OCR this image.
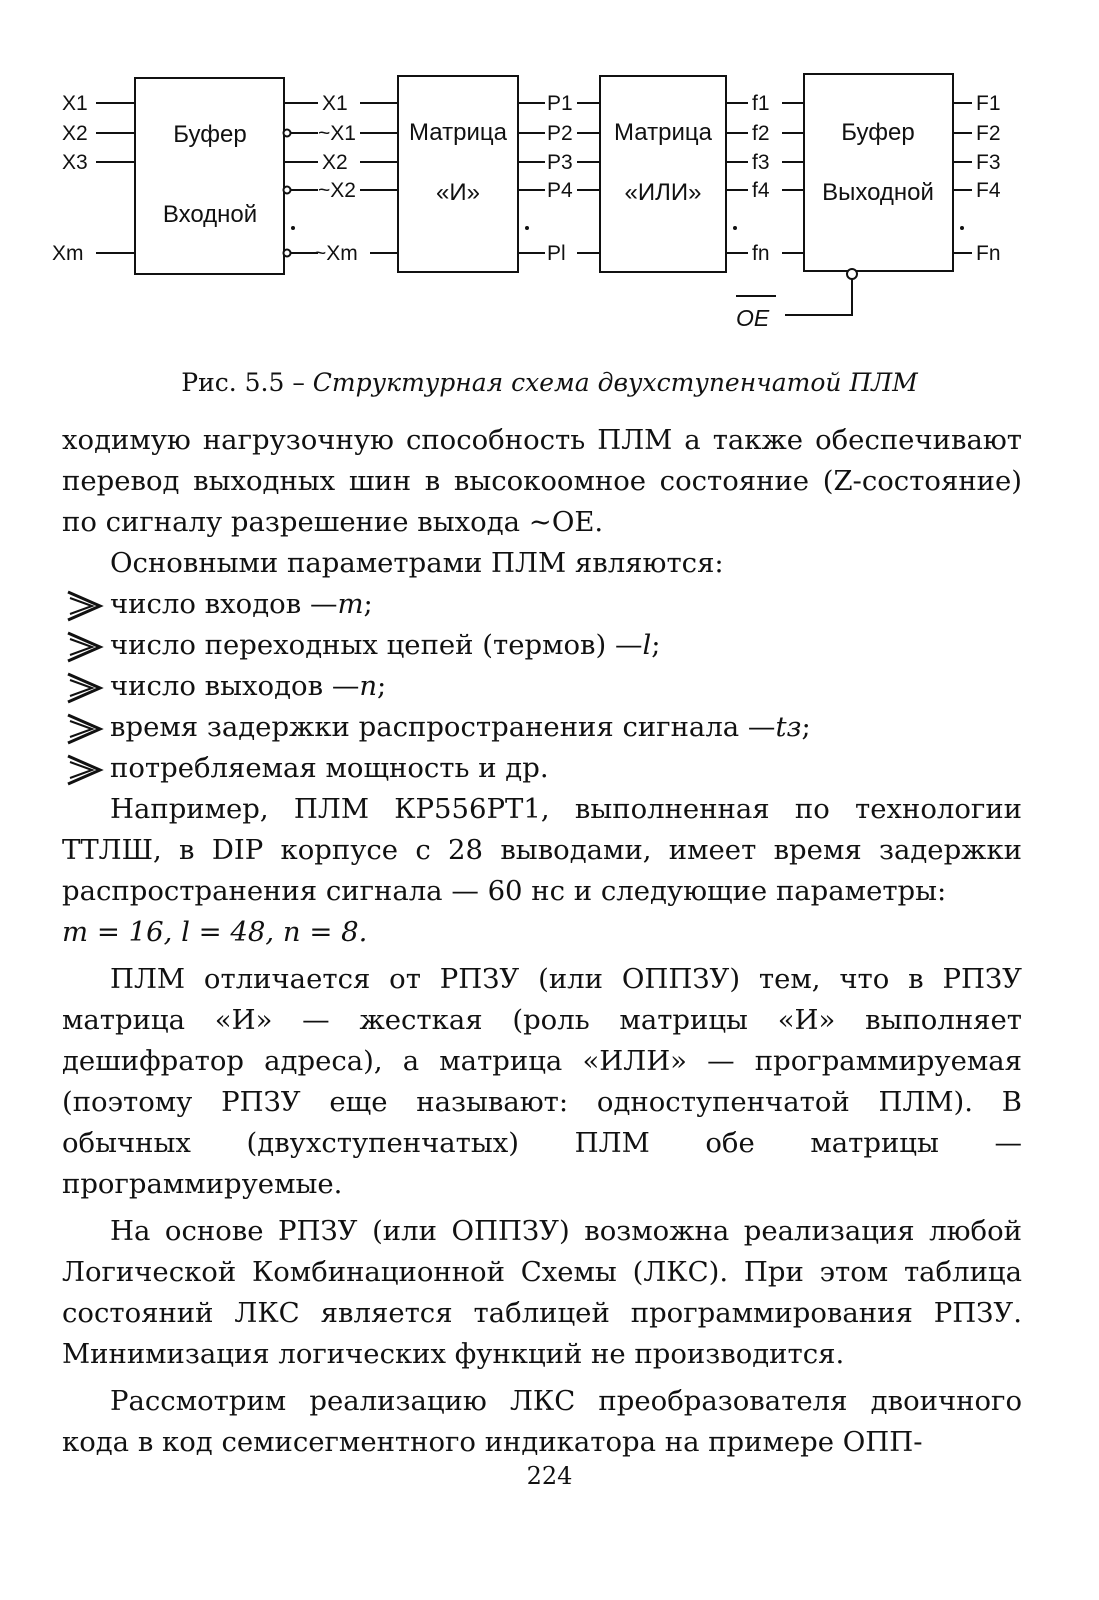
X1
X2
X3
Xm
X1
~X1
X2
~X2
~Xm
P1
P2
P3
P4
Pl
f1
f2
f3
f4
fn
F1
F2
F3
F4
Fn
Буфер
Входной
Матрица
«И»
Матрица
«ИЛИ»
Буфер
Выходной
OE
Рис. 5.5 – Структурная схема двухступенчатой ПЛМ

ходимую нагрузочную способность ПЛМ а также обеспечивают перевод выходных шин в высокоомное состояние (Z-состояние) по сигналу разрешение выхода ~OE.

Основными параметрами ПЛМ являются:

число входов — m ;
число переходных цепей (термов) — l ;
число выходов — n ;
время задержки распространения сигнала — tз ;
потребляемая мощность и др.

Например, ПЛМ КР556РТ1, выполненная по технологии ТТЛШ, в DIP корпусе с 28 выводами, имеет время задержки распространения сигнала — 60 нс и следующие параметры:

m = 16, l = 48, n = 8.

ПЛМ отличается от РПЗУ (или ОППЗУ) тем, что в РПЗУ матрица «И» — жесткая (роль матрицы «И» выполняет дешифратор адреса), а матрица «ИЛИ» — программируемая (поэтому РПЗУ еще называют: одноступенчатой ПЛМ). В обычных (двухступенчатых) ПЛМ обе матрицы — программируемые.

На основе РПЗУ (или ОППЗУ) возможна реализация любой Логической Комбинационной Схемы (ЛКС). При этом таблица состояний ЛКС является таблицей программирования РПЗУ. Минимизация логических функций не производится.

Рассмотрим реализацию ЛКС преобразователя двоичного кода в код семисегментного индикатора на примере ОПП-

224
